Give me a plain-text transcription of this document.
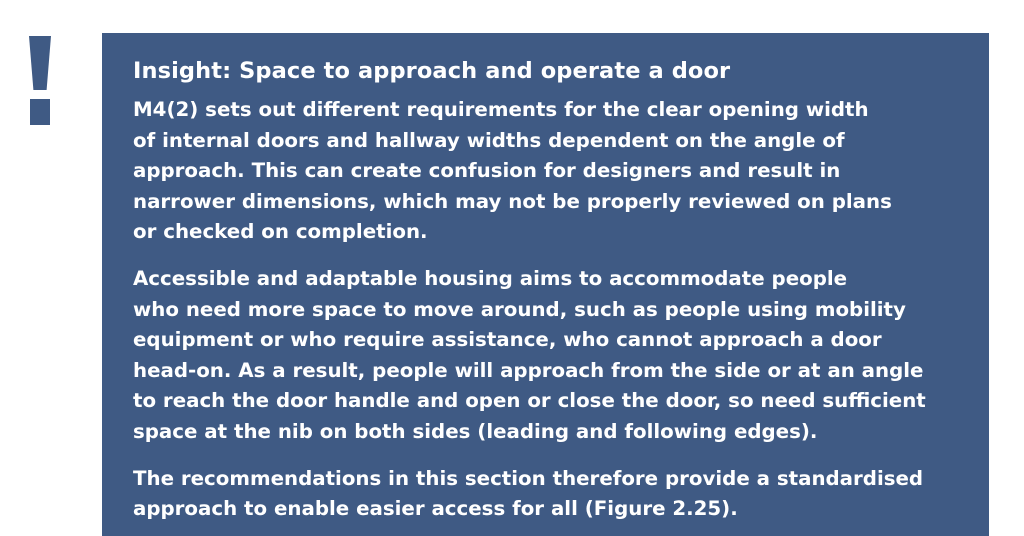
Insight: Space to approach and operate a door

M4(2) sets out different requirements for the clear opening width
of internal doors and hallway widths dependent on the angle of
approach. This can create confusion for designers and result in
narrower dimensions, which may not be properly reviewed on plans
or checked on completion.

Accessible and adaptable housing aims to accommodate people
who need more space to move around, such as people using mobility
equipment or who require assistance, who cannot approach a door
head-on. As a result, people will approach from the side or at an angle
to reach the door handle and open or close the door, so need sufficient
space at the nib on both sides (leading and following edges).

The recommendations in this section therefore provide a standardised
approach to enable easier access for all (Figure 2.25).
